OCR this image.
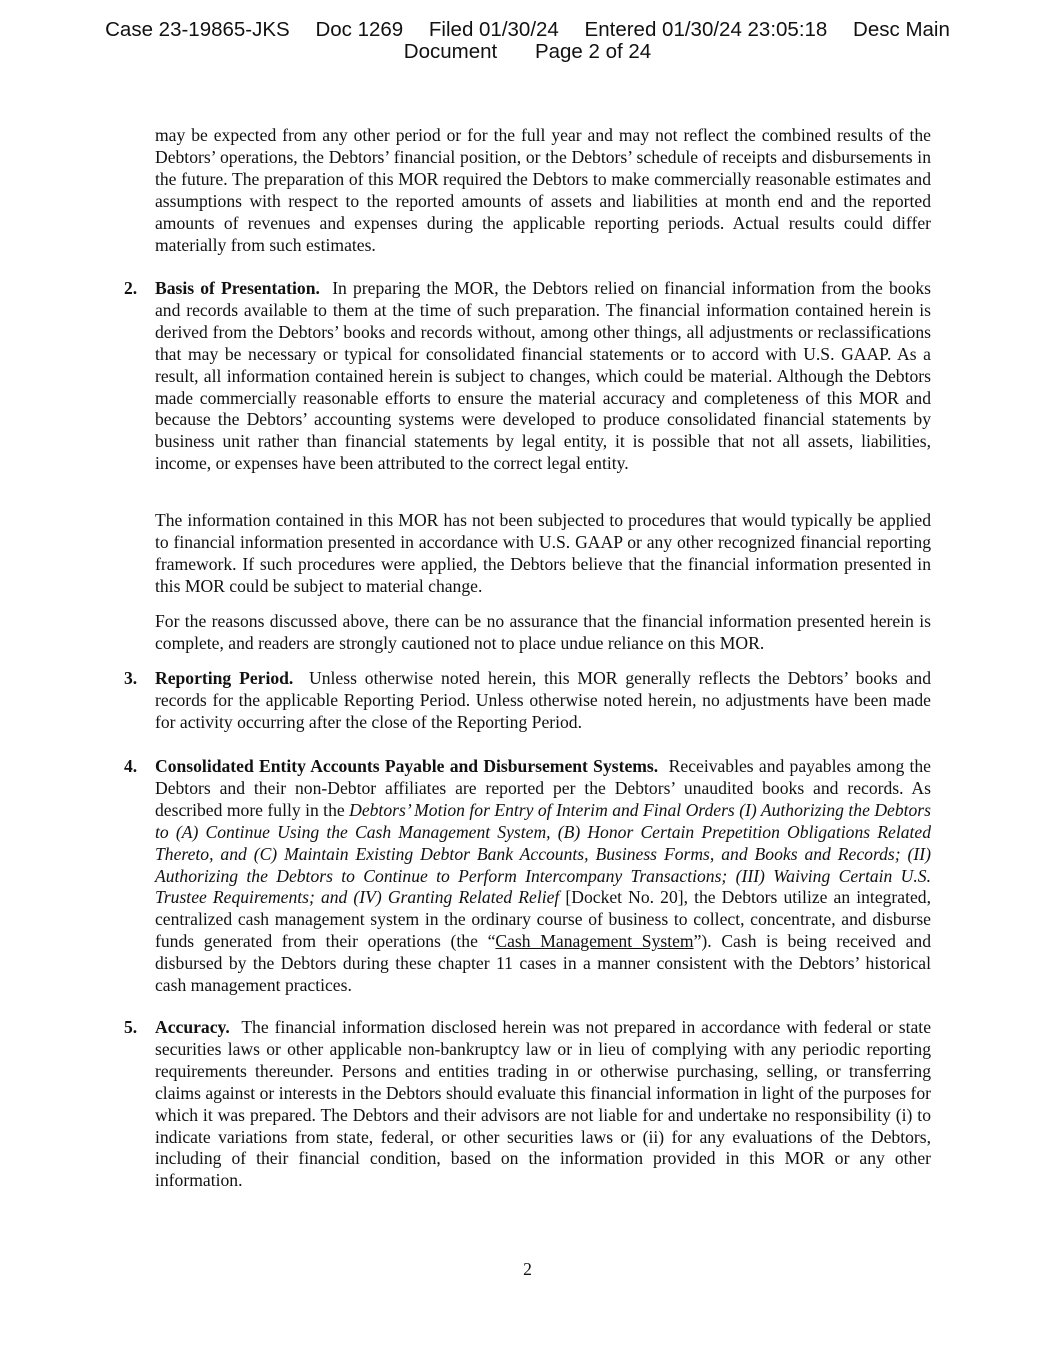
Case 23-19865-JKS Doc 1269 Filed 01/30/24 Entered 01/30/24 23:05:18 Desc Main
Document Page 2 of 24

may be expected from any other period or for the full year and may not reflect the combined results of the Debtors’ operations, the Debtors’ financial position, or the Debtors’ schedule of receipts and disbursements in the future. The preparation of this MOR required the Debtors to make commercially reasonable estimates and assumptions with respect to the reported amounts of assets and liabilities at month end and the reported amounts of revenues and expenses during the applicable reporting periods. Actual results could differ materially from such estimates.

2. Basis of Presentation. In preparing the MOR, the Debtors relied on financial information from the books and records available to them at the time of such preparation. The financial information contained herein is derived from the Debtors’ books and records without, among other things, all adjustments or reclassifications that may be necessary or typical for consolidated financial statements or to accord with U.S. GAAP. As a result, all information contained herein is subject to changes, which could be material. Although the Debtors made commercially reasonable efforts to ensure the material accuracy and completeness of this MOR and because the Debtors’ accounting systems were developed to produce consolidated financial statements by business unit rather than financial statements by legal entity, it is possible that not all assets, liabilities, income, or expenses have been attributed to the correct legal entity.

The information contained in this MOR has not been subjected to procedures that would typically be applied to financial information presented in accordance with U.S. GAAP or any other recognized financial reporting framework. If such procedures were applied, the Debtors believe that the financial information presented in this MOR could be subject to material change.

For the reasons discussed above, there can be no assurance that the financial information presented herein is complete, and readers are strongly cautioned not to place undue reliance on this MOR.

3. Reporting Period. Unless otherwise noted herein, this MOR generally reflects the Debtors’ books and records for the applicable Reporting Period. Unless otherwise noted herein, no adjustments have been made for activity occurring after the close of the Reporting Period.

4. Consolidated Entity Accounts Payable and Disbursement Systems. Receivables and payables among the Debtors and their non-Debtor affiliates are reported per the Debtors’ unaudited books and records. As described more fully in the Debtors’ Motion for Entry of Interim and Final Orders (I) Authorizing the Debtors to (A) Continue Using the Cash Management System, (B) Honor Certain Prepetition Obligations Related Thereto, and (C) Maintain Existing Debtor Bank Accounts, Business Forms, and Books and Records; (II) Authorizing the Debtors to Continue to Perform Intercompany Transactions; (III) Waiving Certain U.S. Trustee Requirements; and (IV) Granting Related Relief [Docket No. 20], the Debtors utilize an integrated, centralized cash management system in the ordinary course of business to collect, concentrate, and disburse funds generated from their operations (the “Cash Management System”). Cash is being received and disbursed by the Debtors during these chapter 11 cases in a manner consistent with the Debtors’ historical cash management practices.

5. Accuracy. The financial information disclosed herein was not prepared in accordance with federal or state securities laws or other applicable non-bankruptcy law or in lieu of complying with any periodic reporting requirements thereunder. Persons and entities trading in or otherwise purchasing, selling, or transferring claims against or interests in the Debtors should evaluate this financial information in light of the purposes for which it was prepared. The Debtors and their advisors are not liable for and undertake no responsibility (i) to indicate variations from state, federal, or other securities laws or (ii) for any evaluations of the Debtors, including of their financial condition, based on the information provided in this MOR or any other information.

2
